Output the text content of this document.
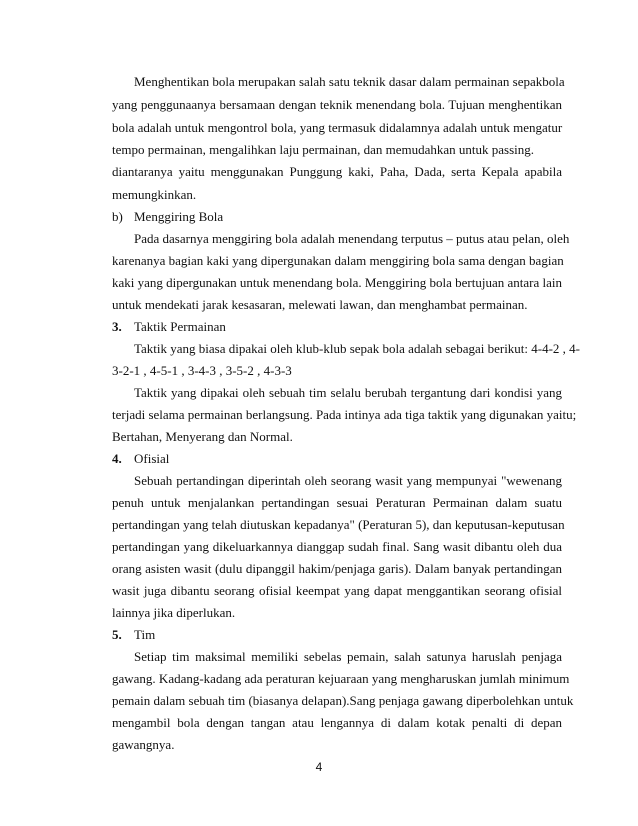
Menghentikan bola merupakan salah satu teknik dasar dalam permainan sepakbola
yang penggunaanya bersamaan dengan teknik menendang bola. Tujuan menghentikan
bola adalah untuk mengontrol bola, yang termasuk didalamnya adalah untuk mengatur
tempo permainan, mengalihkan laju permainan, dan memudahkan untuk passing.
diantaranya yaitu menggunakan Punggung kaki, Paha, Dada, serta Kepala apabila
memungkinkan.
b) Menggiring Bola
Pada dasarnya menggiring bola adalah menendang terputus – putus atau pelan, oleh
karenanya bagian kaki yang dipergunakan dalam menggiring bola sama dengan bagian
kaki yang dipergunakan untuk menendang bola. Menggiring bola bertujuan antara lain
untuk mendekati jarak kesasaran, melewati lawan, dan menghambat permainan.
3. Taktik Permainan
Taktik yang biasa dipakai oleh klub-klub sepak bola adalah sebagai berikut: 4-4-2 , 4-
3-2-1 , 4-5-1 , 3-4-3 , 3-5-2 , 4-3-3
Taktik yang dipakai oleh sebuah tim selalu berubah tergantung dari kondisi yang
terjadi selama permainan berlangsung. Pada intinya ada tiga taktik yang digunakan yaitu;
Bertahan, Menyerang dan Normal.
4. Ofisial
Sebuah pertandingan diperintah oleh seorang wasit yang mempunyai "wewenang
penuh untuk menjalankan pertandingan sesuai Peraturan Permainan dalam suatu
pertandingan yang telah diutuskan kepadanya" (Peraturan 5), dan keputusan-keputusan
pertandingan yang dikeluarkannya dianggap sudah final. Sang wasit dibantu oleh dua
orang asisten wasit (dulu dipanggil hakim/penjaga garis). Dalam banyak pertandingan
wasit juga dibantu seorang ofisial keempat yang dapat menggantikan seorang ofisial
lainnya jika diperlukan.
5. Tim
Setiap tim maksimal memiliki sebelas pemain, salah satunya haruslah penjaga
gawang. Kadang-kadang ada peraturan kejuaraan yang mengharuskan jumlah minimum
pemain dalam sebuah tim (biasanya delapan).Sang penjaga gawang diperbolehkan untuk
mengambil bola dengan tangan atau lengannya di dalam kotak penalti di depan
gawangnya.
4
